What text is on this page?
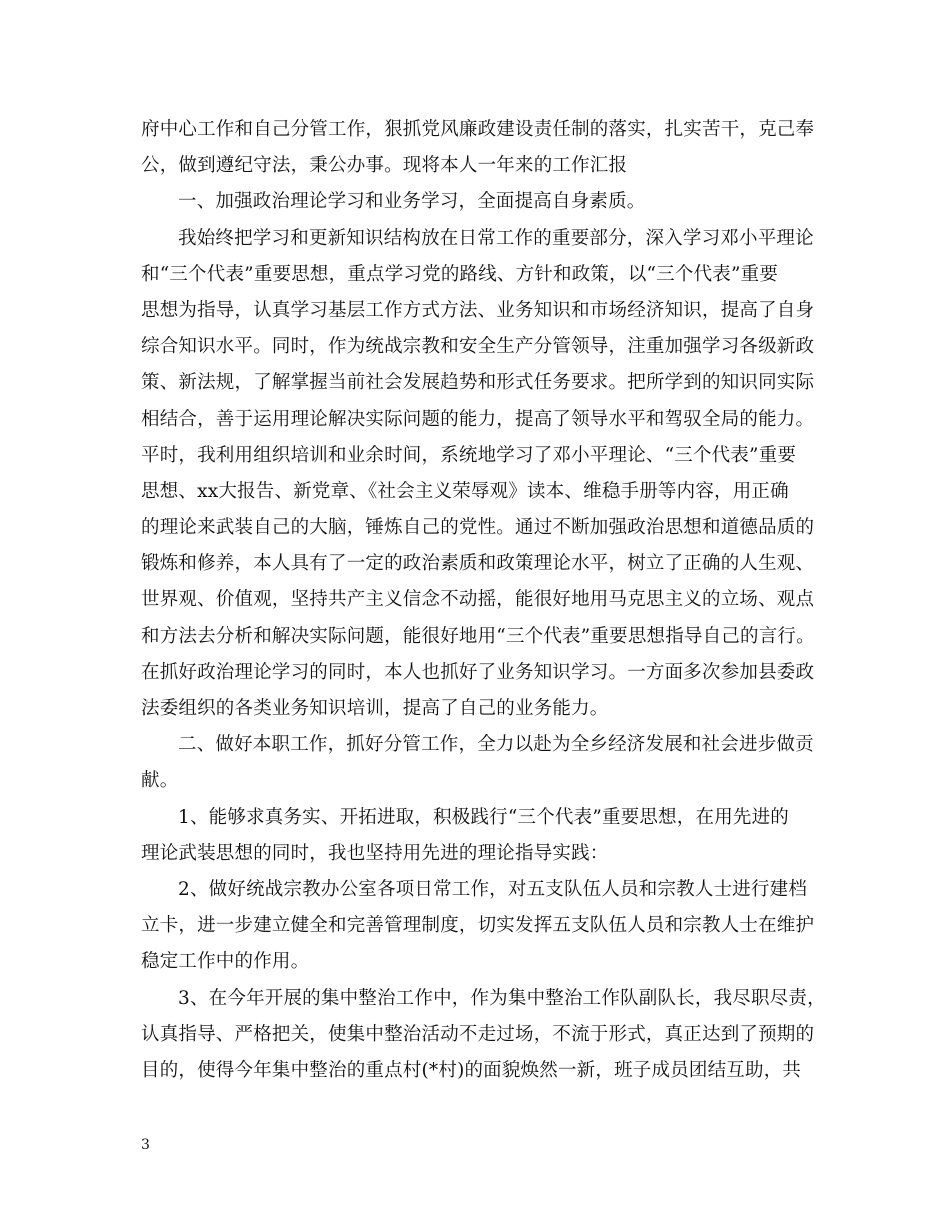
府中心工作和自己分管工作，狠抓党风廉政建设责任制的落实，扎实苦干，克己奉
公，做到遵纪守法，秉公办事。现将本人一年来的工作汇报
一、加强政治理论学习和业务学习，全面提高自身素质。
我始终把学习和更新知识结构放在日常工作的重要部分，深入学习邓小平理论
和“三个代表”重要思想，重点学习党的路线、方针和政策，以“三个代表”重要
思想为指导，认真学习基层工作方式方法、业务知识和市场经济知识，提高了自身
综合知识水平。同时，作为统战宗教和安全生产分管领导，注重加强学习各级新政
策、新法规，了解掌握当前社会发展趋势和形式任务要求。把所学到的知识同实际
相结合，善于运用理论解决实际问题的能力，提高了领导水平和驾驭全局的能力。
平时，我利用组织培训和业余时间，系统地学习了邓小平理论、“三个代表”重要
思想、xx大报告、新党章、《社会主义荣辱观》读本、维稳手册等内容，用正确
的理论来武装自己的大脑，锤炼自己的党性。通过不断加强政治思想和道德品质的
锻炼和修养，本人具有了一定的政治素质和政策理论水平，树立了正确的人生观、
世界观、价值观，坚持共产主义信念不动摇，能很好地用马克思主义的立场、观点
和方法去分析和解决实际问题，能很好地用“三个代表”重要思想指导自己的言行。
在抓好政治理论学习的同时，本人也抓好了业务知识学习。一方面多次参加县委政
法委组织的各类业务知识培训，提高了自己的业务能力。
二、做好本职工作，抓好分管工作，全力以赴为全乡经济发展和社会进步做贡
献。
1、能够求真务实、开拓进取，积极践行“三个代表”重要思想，在用先进的
理论武装思想的同时，我也坚持用先进的理论指导实践：
2、做好统战宗教办公室各项日常工作，对五支队伍人员和宗教人士进行建档
立卡，进一步建立健全和完善管理制度，切实发挥五支队伍人员和宗教人士在维护
稳定工作中的作用。
3、在今年开展的集中整治工作中，作为集中整治工作队副队长，我尽职尽责，
认真指导、严格把关，使集中整治活动不走过场，不流于形式，真正达到了预期的
目的，使得今年集中整治的重点村(*村)的面貌焕然一新，班子成员团结互助，共
3
